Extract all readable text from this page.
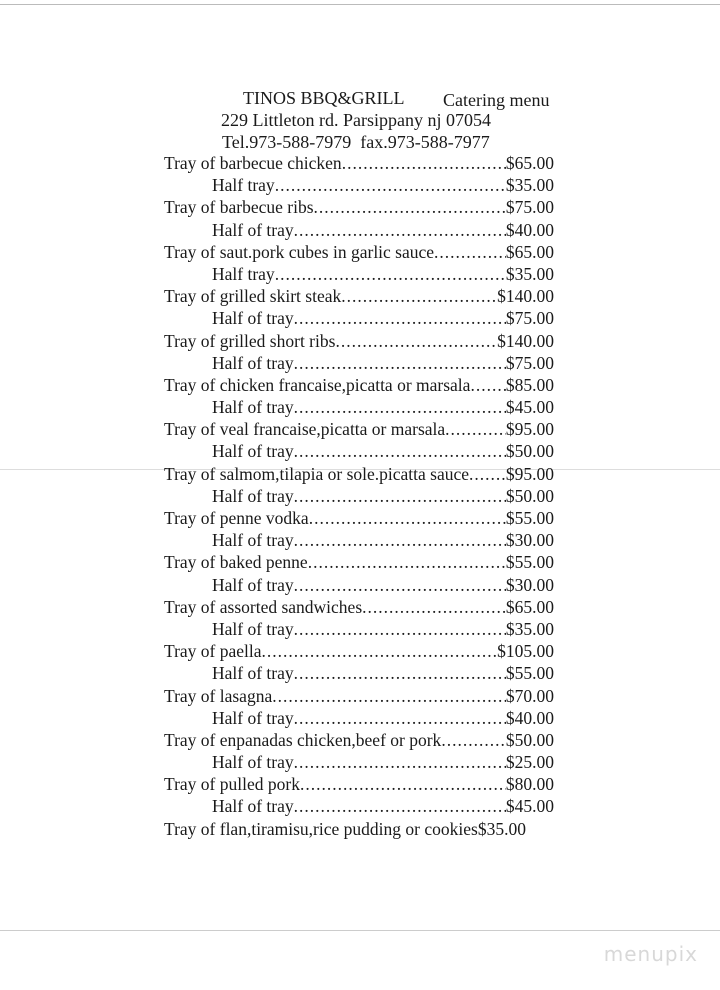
TINOS BBQ&GRILL Catering menu
229 Littleton rd. Parsippany nj 07054
Tel.973-588-7979  fax.973-588-7977
Tray of barbecue chicken .....	$65.00
Half tray .....	$35.00
Tray of barbecue ribs .....	$75.00
Half of tray .....	$40.00
Tray of saut.pork cubes in garlic sauce .....	$65.00
Half tray .....	$35.00
Tray of grilled skirt steak .....	$140.00
Half of tray .....	$75.00
Tray of grilled short ribs .....	$140.00
Half of tray .....	$75.00
Tray of chicken francaise,picatta or marsala ..... $85.00
Half of tray .....	$45.00
Tray of veal francaise,picatta or marsala .....	$95.00
Half of tray .....	$50.00
Tray of salmom,tilapia or sole.picatta sauce ..... $95.00
Half of tray .....	$50.00
Tray of penne vodka .....	$55.00
Half of tray .....	$30.00
Tray of baked penne .....	$55.00
Half of tray .....	$30.00
Tray of assorted sandwiches .....	$65.00
Half of tray .....	$35.00
Tray of paella .....	$105.00
Half of tray .....	$55.00
Tray of lasagna .....	$70.00
Half of tray .....	$40.00
Tray of enpanadas chicken,beef or pork .....	$50.00
Half of tray .....	$25.00
Tray of pulled pork .....	$80.00
Half of tray .....	$45.00
Tray of flan,tiramisu,rice pudding or cookies $35.00
menupix
